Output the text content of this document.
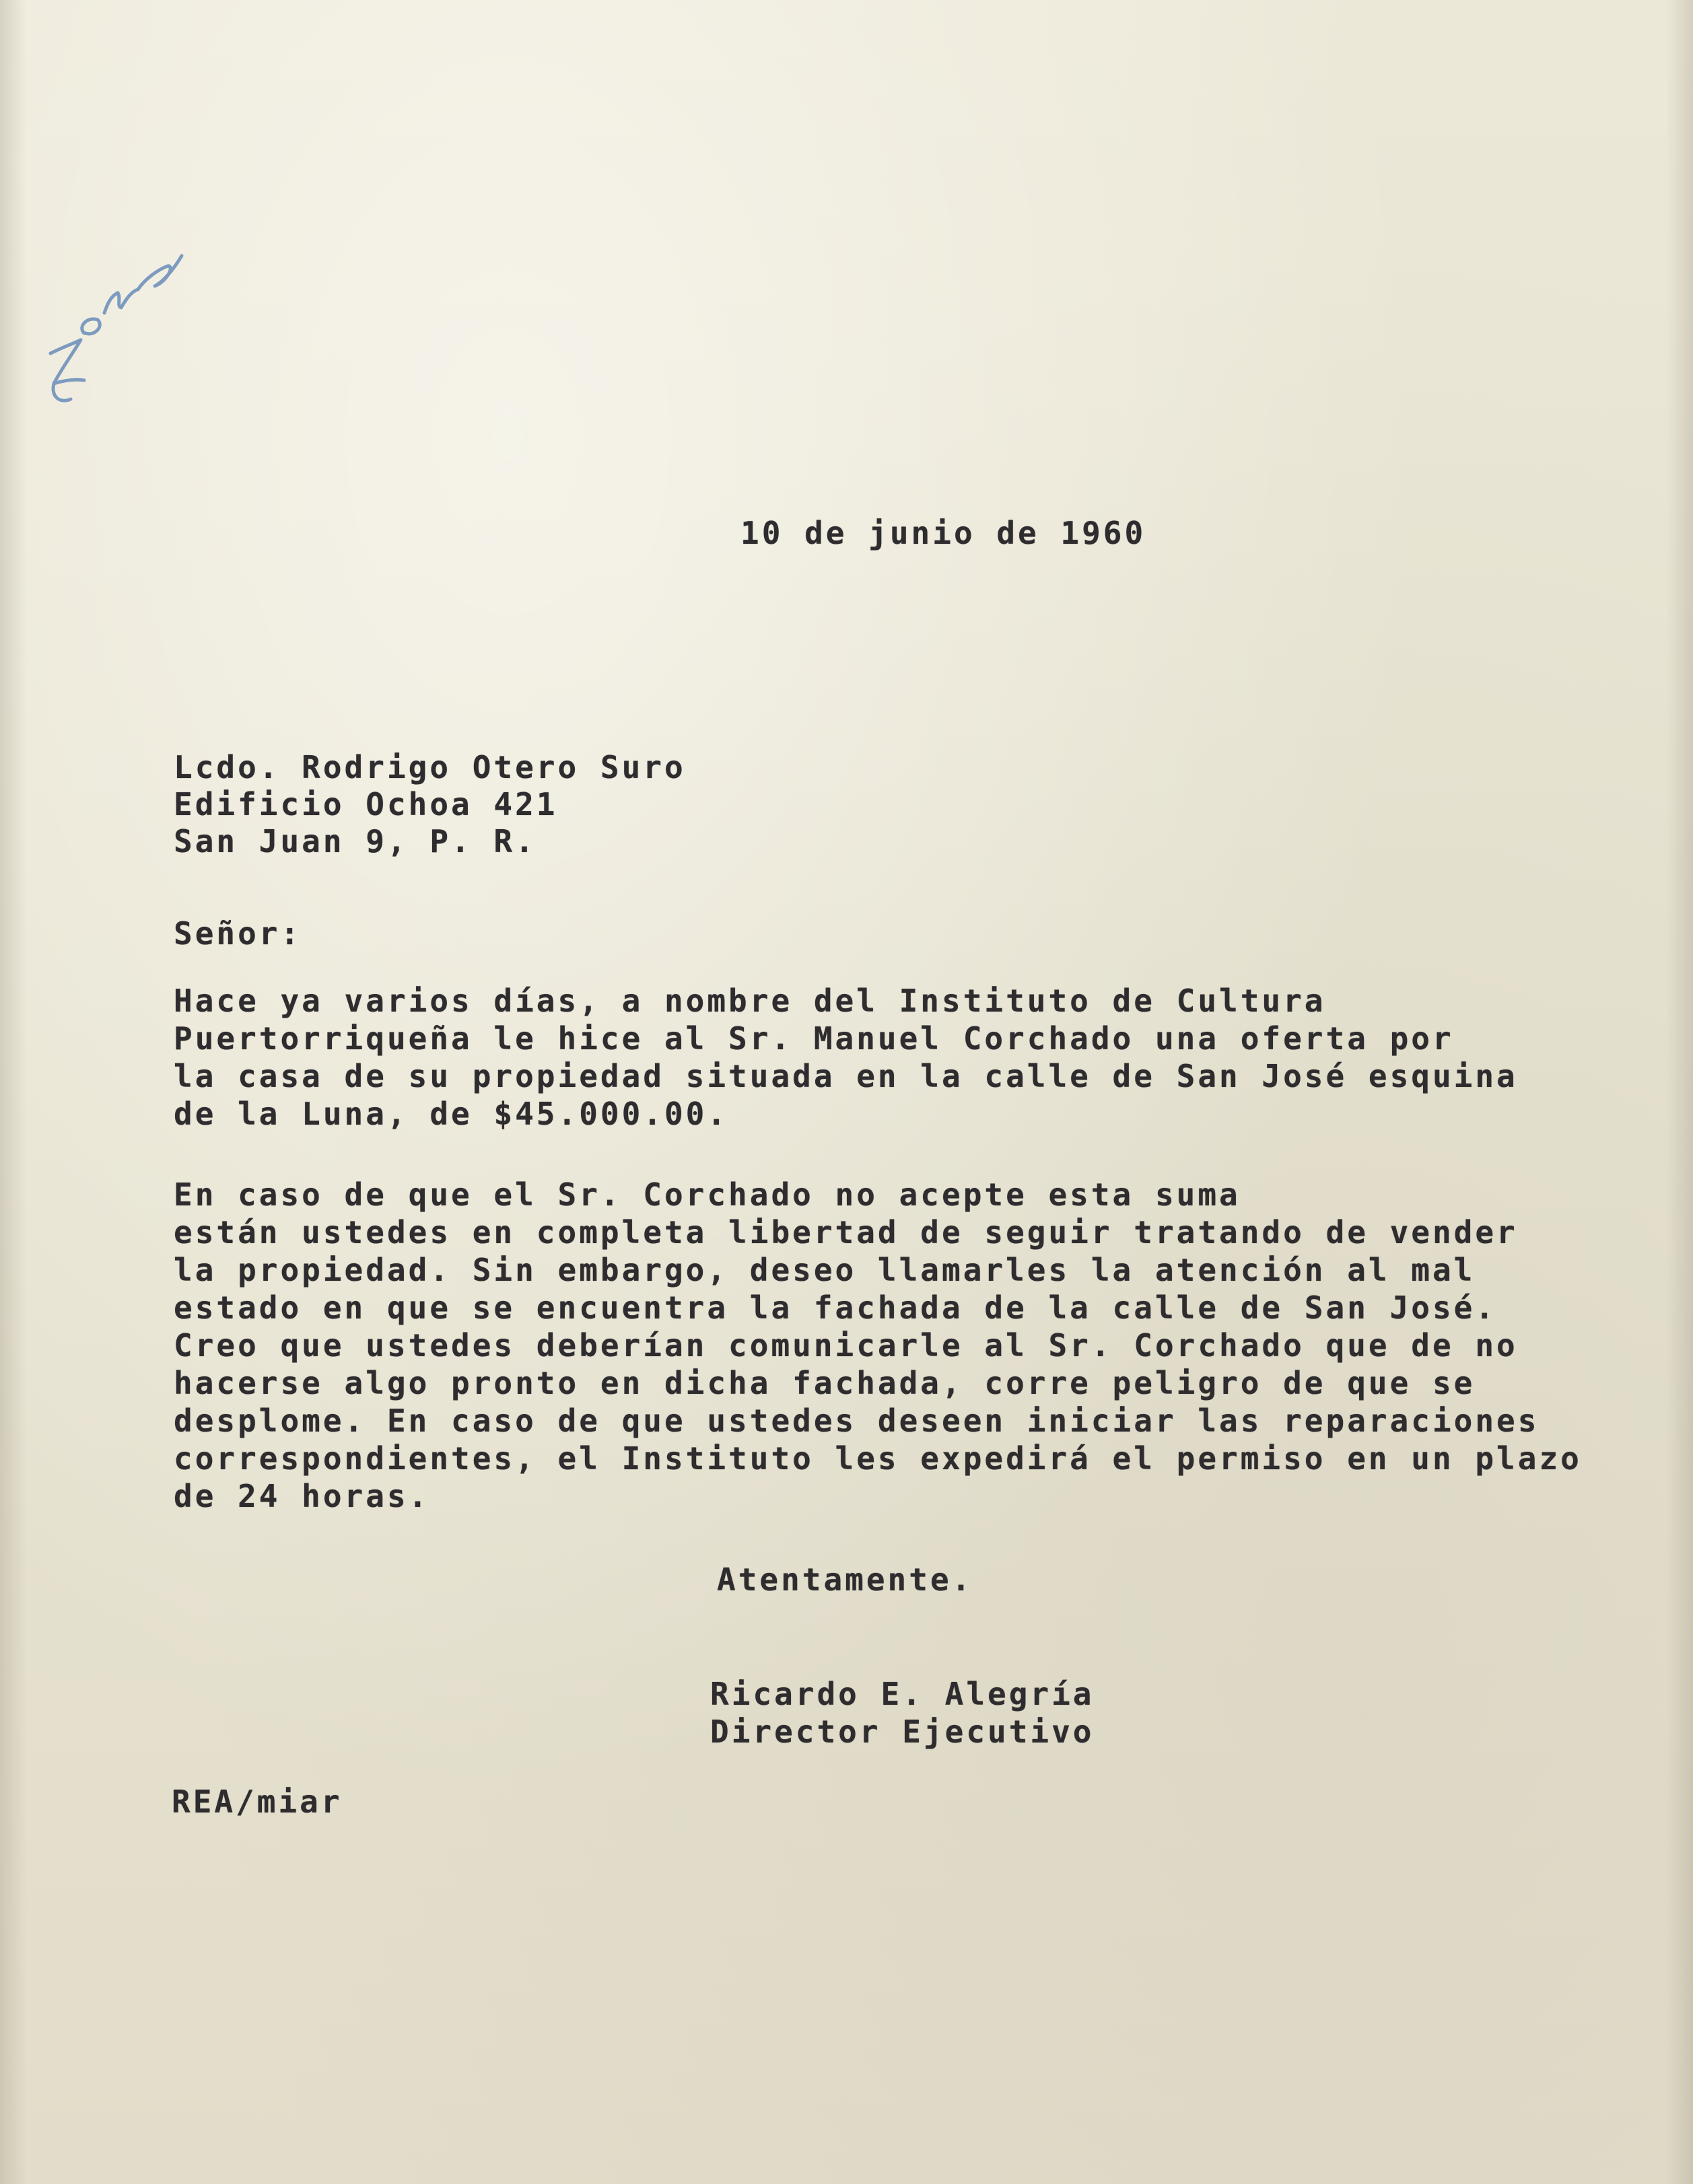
10 de junio de 1960
Lcdo. Rodrigo Otero Suro
Edificio Ochoa 421
San Juan 9, P. R.
Señor:
Hace ya varios días, a nombre del Instituto de Cultura
Puertorriqueña le hice al Sr. Manuel Corchado una oferta por
la casa de su propiedad situada en la calle de San José esquina
de la Luna, de $45.000.00.
En caso de que el Sr. Corchado no acepte esta suma
están ustedes en completa libertad de seguir tratando de vender
la propiedad. Sin embargo, deseo llamarles la atención al mal
estado en que se encuentra la fachada de la calle de San José.
Creo que ustedes deberían comunicarle al Sr. Corchado que de no
hacerse algo pronto en dicha fachada, corre peligro de que se
desplome. En caso de que ustedes deseen iniciar las reparaciones
correspondientes, el Instituto les expedirá el permiso en un plazo
de 24 horas.
Atentamente.
Ricardo E. Alegría
Director Ejecutivo
REA/miar
